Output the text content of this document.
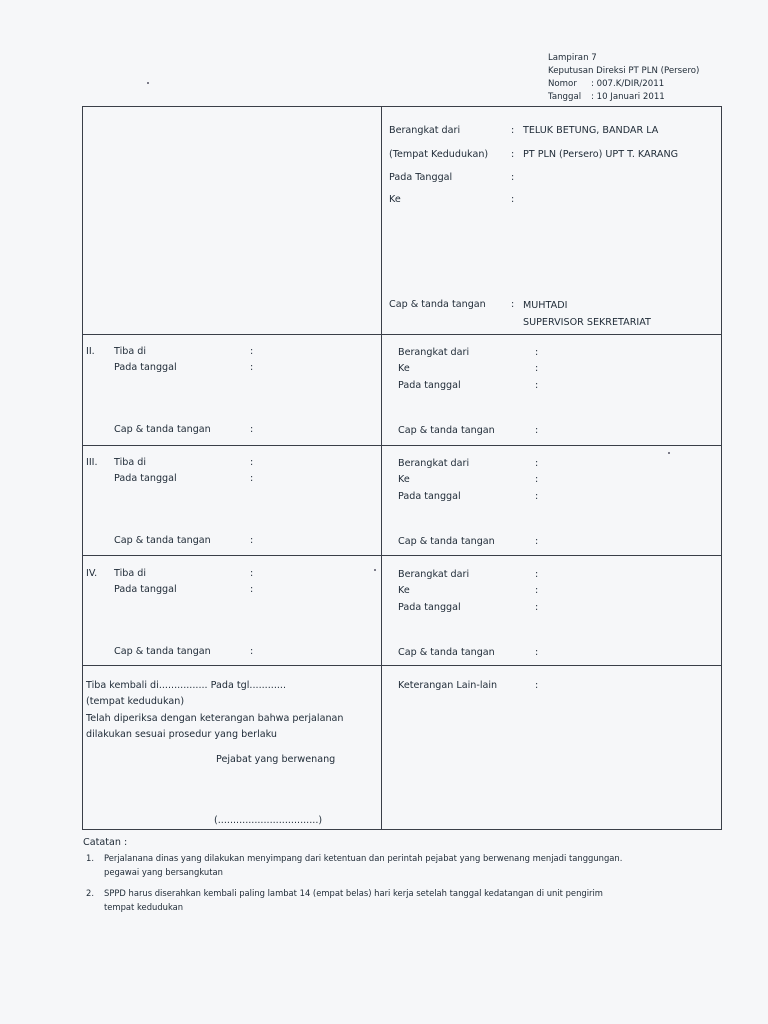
Lampiran 7
Keputusan Direksi PT PLN (Persero)
Nomor : 007.K/DIR/2011
Tanggal : 10 Januari 2011
Berangkat dari	: TELUK BETUNG, BANDAR LA
(Tempat Kedudukan) : PT PLN (Persero) UPT T. KARANG
Pada Tanggal	:
Ke	:
Cap & tanda tangan	: MUHTADI
SUPERVISOR SEKRETARIAT
II. Tiba di	:
Pada tanggal	:
Cap & tanda tangan	:
Berangkat dari	:
Ke	:
Pada tanggal	:
Cap & tanda tangan	:
III. Tiba di	:
Pada tanggal	:
Cap & tanda tangan	:
Berangkat dari	:
Ke	:
Pada tanggal	:
Cap & tanda tangan	:
IV. Tiba di	:
Pada tanggal	:
Cap & tanda tangan	:
Berangkat dari	:
Ke	:
Pada tanggal	:
Cap & tanda tangan	:
Tiba kembali di................ Pada tgl............
(tempat kedudukan)
Telah diperiksa dengan keterangan bahwa perjalanan
dilakukan sesuai prosedur yang berlaku
Pejabat yang berwenang
(.................................)
Keterangan Lain-lain	:
Catatan :
1. Perjalanana dinas yang dilakukan menyimpang dari ketentuan dan perintah pejabat yang berwenang menjadi tanggungan.
pegawai yang bersangkutan
2. SPPD harus diserahkan kembali paling lambat 14 (empat belas) hari kerja setelah tanggal kedatangan di unit pengirim
tempat kedudukan
